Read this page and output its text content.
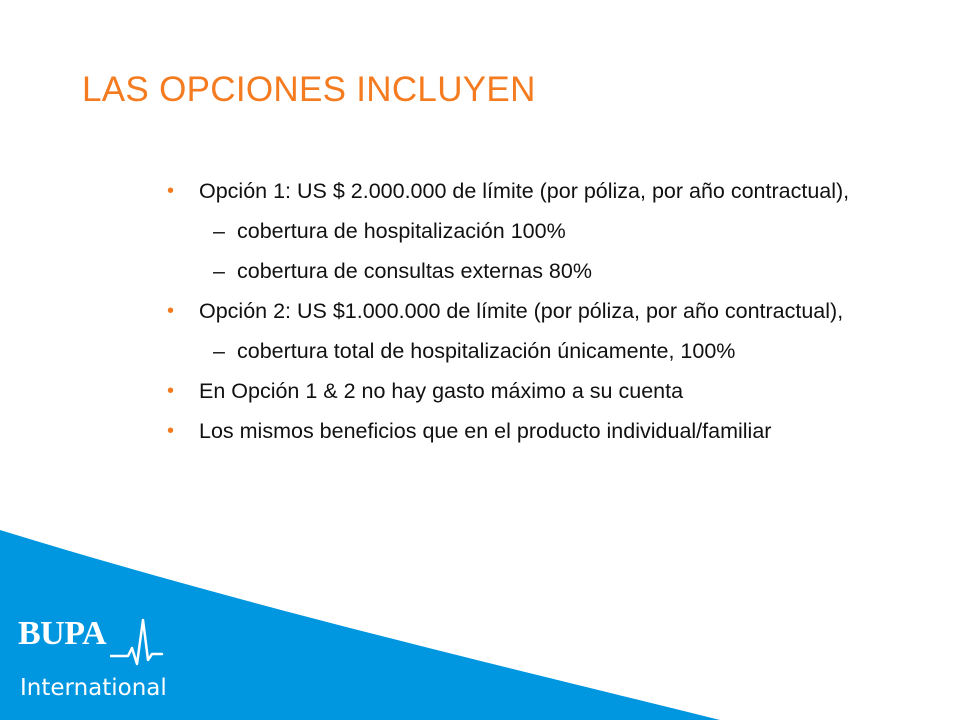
LAS OPCIONES INCLUYEN
• Opción 1: US $ 2.000.000 de límite (por póliza, por año contractual),
– cobertura de hospitalización 100%
– cobertura de consultas externas 80%
• Opción 2: US $1.000.000 de límite (por póliza, por año contractual),
– cobertura total de hospitalización únicamente, 100%
• En Opción 1 & 2 no hay gasto máximo a su cuenta
• Los mismos beneficios que en el producto individual/familiar
BUPA
International
